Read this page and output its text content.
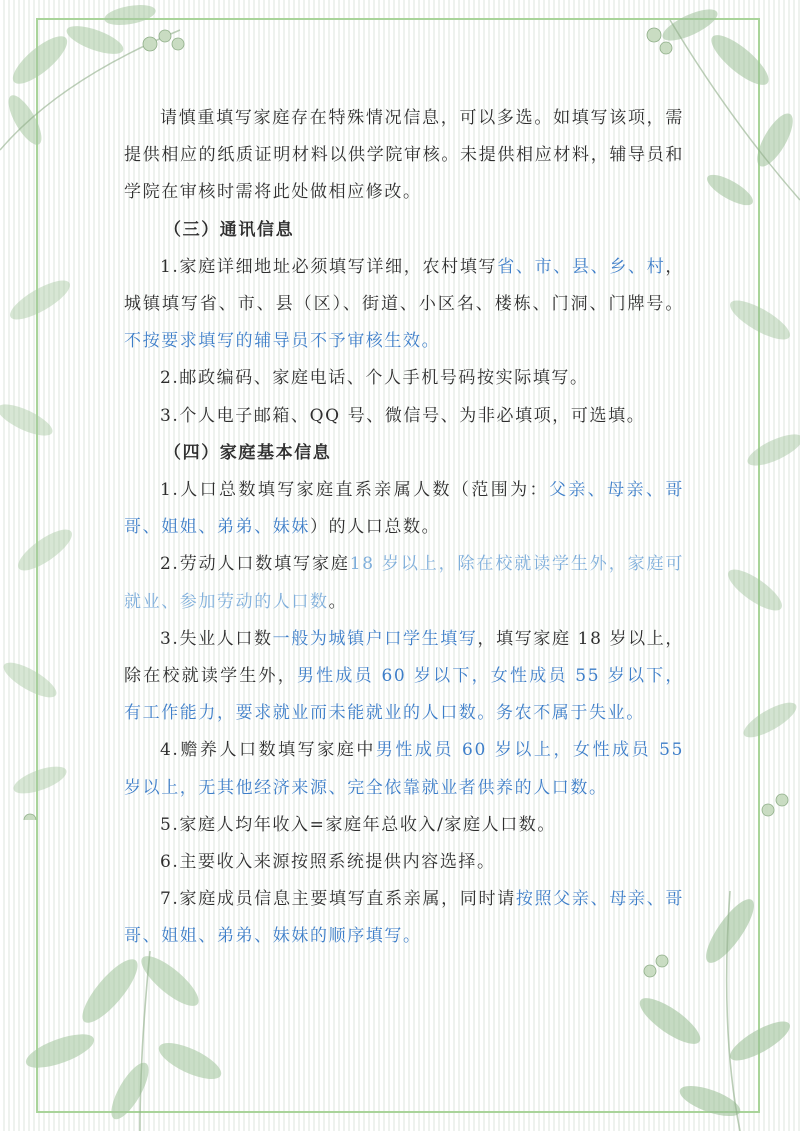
请慎重填写家庭存在特殊情况信息，可以多选。如填写该项，需提供相应的纸质证明材料以供学院审核。未提供相应材料，辅导员和学院在审核时需将此处做相应修改。

（三）通讯信息

1.家庭详细地址必须填写详细，农村填写省、市、县、乡、村，城镇填写省、市、县（区）、街道、小区名、楼栋、门洞、门牌号。不按要求填写的辅导员不予审核生效。

2.邮政编码、家庭电话、个人手机号码按实际填写。

3.个人电子邮箱、QQ 号、微信号、为非必填项，可选填。

（四）家庭基本信息

1.人口总数填写家庭直系亲属人数（范围为：父亲、母亲、哥哥、姐姐、弟弟、妹妹）的人口总数。

2.劳动人口数填写家庭18 岁以上，除在校就读学生外，家庭可就业、参加劳动的人口数。

3.失业人口数一般为城镇户口学生填写，填写家庭 18 岁以上，除在校就读学生外，男性成员 60 岁以下，女性成员 55 岁以下，有工作能力，要求就业而未能就业的人口数。务农不属于失业。

4.赡养人口数填写家庭中男性成员 60 岁以上，女性成员 55 岁以上，无其他经济来源、完全依靠就业者供养的人口数。

5.家庭人均年收入=家庭年总收入/家庭人口数。

6.主要收入来源按照系统提供内容选择。

7.家庭成员信息主要填写直系亲属，同时请按照父亲、母亲、哥哥、姐姐、弟弟、妹妹的顺序填写。
